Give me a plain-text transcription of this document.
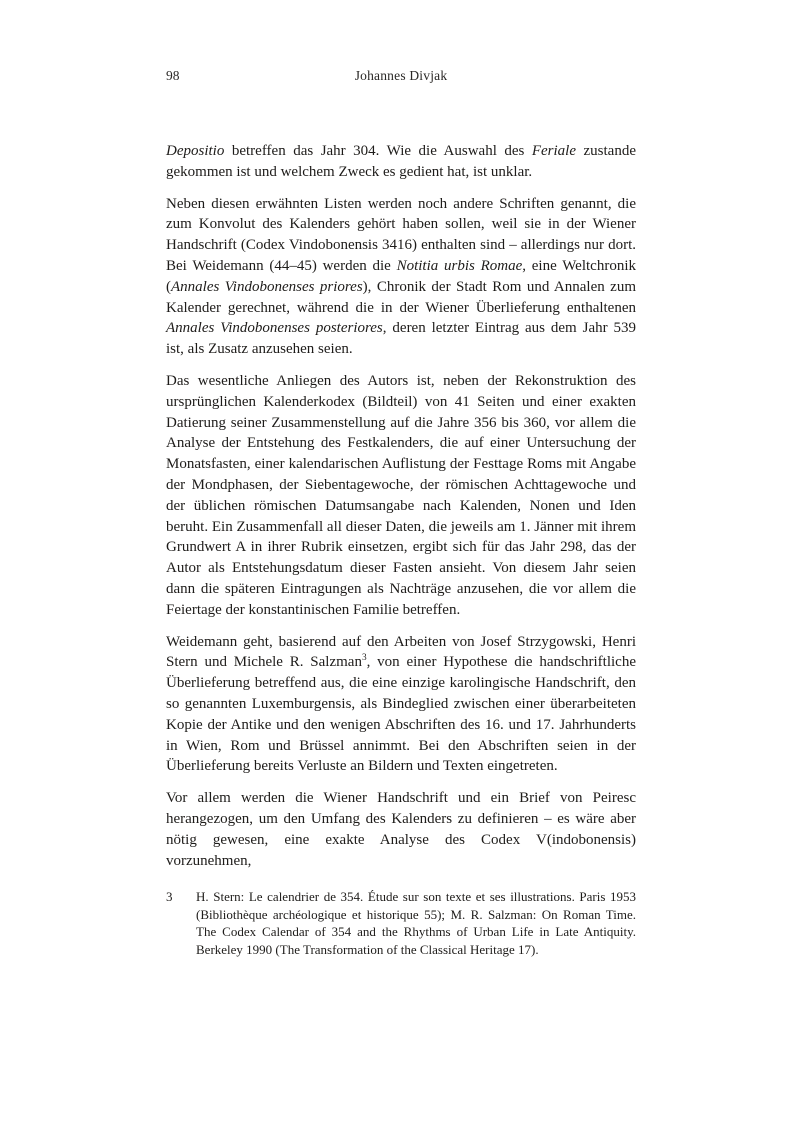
98	Johannes Divjak

Depositio betreffen das Jahr 304. Wie die Auswahl des Feriale zustande gekommen ist und welchem Zweck es gedient hat, ist unklar.

Neben diesen erwähnten Listen werden noch andere Schriften genannt, die zum Konvolut des Kalenders gehört haben sollen, weil sie in der Wiener Handschrift (Codex Vindobonensis 3416) enthalten sind – allerdings nur dort. Bei Weidemann (44–45) werden die Notitia urbis Romae, eine Weltchronik (Annales Vindobonenses priores), Chronik der Stadt Rom und Annalen zum Kalender gerechnet, während die in der Wiener Überlieferung enthaltenen Annales Vindobonenses posteriores, deren letzter Eintrag aus dem Jahr 539 ist, als Zusatz anzusehen seien.

Das wesentliche Anliegen des Autors ist, neben der Rekonstruktion des ursprünglichen Kalenderkodex (Bildteil) von 41 Seiten und einer exakten Datierung seiner Zusammenstellung auf die Jahre 356 bis 360, vor allem die Analyse der Entstehung des Festkalenders, die auf einer Untersuchung der Monatsfasten, einer kalendarischen Auflistung der Festtage Roms mit Angabe der Mondphasen, der Siebentagewoche, der römischen Achttagewoche und der üblichen römischen Datumsangabe nach Kalenden, Nonen und Iden beruht. Ein Zusammenfall all dieser Daten, die jeweils am 1. Jänner mit ihrem Grundwert A in ihrer Rubrik einsetzen, ergibt sich für das Jahr 298, das der Autor als Entstehungsdatum dieser Fasten ansieht. Von diesem Jahr seien dann die späteren Eintragungen als Nachträge anzusehen, die vor allem die Feiertage der konstantinischen Familie betreffen.

Weidemann geht, basierend auf den Arbeiten von Josef Strzygowski, Henri Stern und Michele R. Salzman$^3$, von einer Hypothese die handschriftliche Überlieferung betreffend aus, die eine einzige karolingische Handschrift, den so genannten Luxemburgensis, als Bindeglied zwischen einer überarbeiteten Kopie der Antike und den wenigen Abschriften des 16. und 17. Jahrhunderts in Wien, Rom und Brüssel annimmt. Bei den Abschriften seien in der Überlieferung bereits Verluste an Bildern und Texten eingetreten.

Vor allem werden die Wiener Handschrift und ein Brief von Peiresc herangezogen, um den Umfang des Kalenders zu definieren – es wäre aber nötig gewesen, eine exakte Analyse des Codex V(indobonensis) vorzunehmen,

3	H. Stern: Le calendrier de 354. Étude sur son texte et ses illustrations. Paris 1953 (Bibliothèque archéologique et historique 55); M. R. Salzman: On Roman Time. The Codex Calendar of 354 and the Rhythms of Urban Life in Late Antiquity. Berkeley 1990 (The Transformation of the Classical Heritage 17).
